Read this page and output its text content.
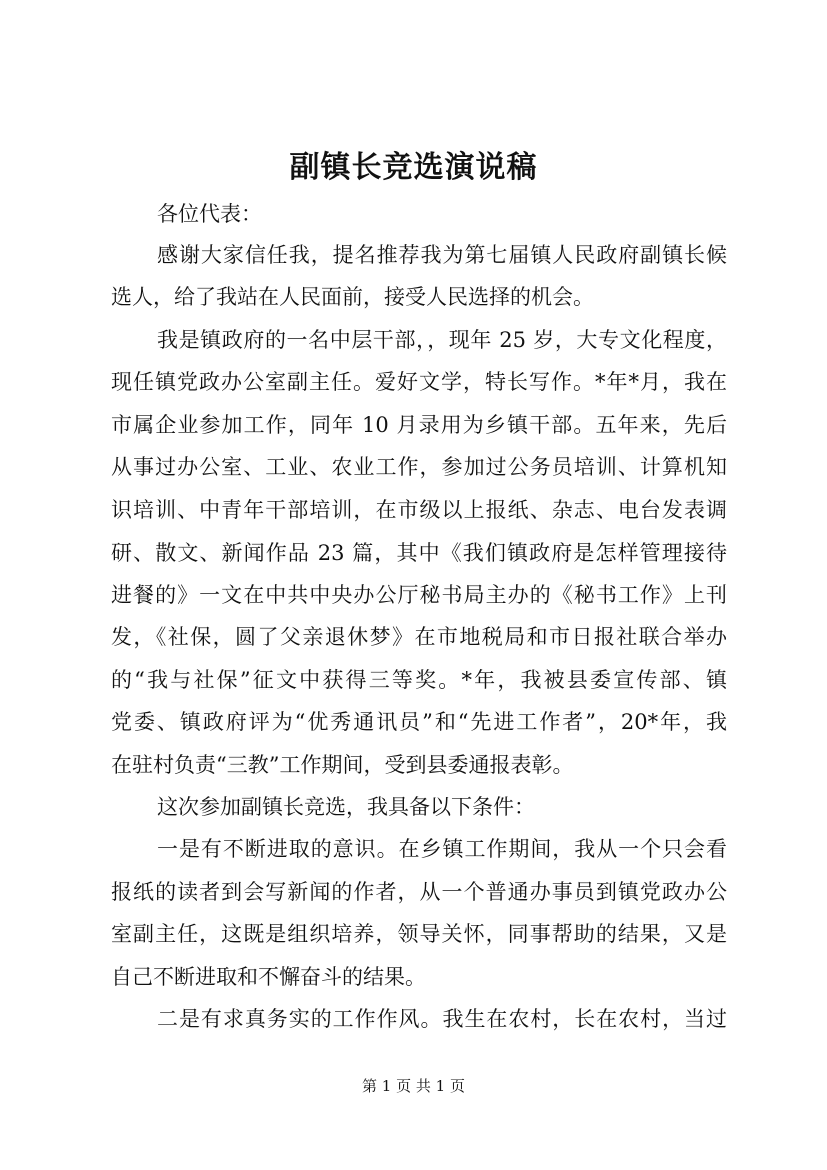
副镇长竞选演说稿
各位代表：
感谢大家信任我，提名推荐我为第七届镇人民政府副镇长候
选人，给了我站在人民面前，接受人民选择的机会。
我是镇政府的一名中层干部，，现年 25 岁，大专文化程度，
现任镇党政办公室副主任。爱好文学，特长写作。*年*月，我在
市属企业参加工作，同年 10 月录用为乡镇干部。五年来，先后
从事过办公室、工业、农业工作，参加过公务员培训、计算机知
识培训、中青年干部培训，在市级以上报纸、杂志、电台发表调
研、散文、新闻作品 23 篇，其中《我们镇政府是怎样管理接待
进餐的》一文在中共中央办公厅秘书局主办的《秘书工作》上刊
发，《社保，圆了父亲退休梦》在市地税局和市日报社联合举办
的“我与社保”征文中获得三等奖。*年，我被县委宣传部、镇
党委、镇政府评为“优秀通讯员”和“先进工作者”，20*年，我
在驻村负责“三教”工作期间，受到县委通报表彰。
这次参加副镇长竞选，我具备以下条件：
一是有不断进取的意识。在乡镇工作期间，我从一个只会看
报纸的读者到会写新闻的作者，从一个普通办事员到镇党政办公
室副主任，这既是组织培养，领导关怀，同事帮助的结果，又是
自己不断进取和不懈奋斗的结果。
二是有求真务实的工作作风。我生在农村，长在农村，当过
第 1 页 共 1 页
